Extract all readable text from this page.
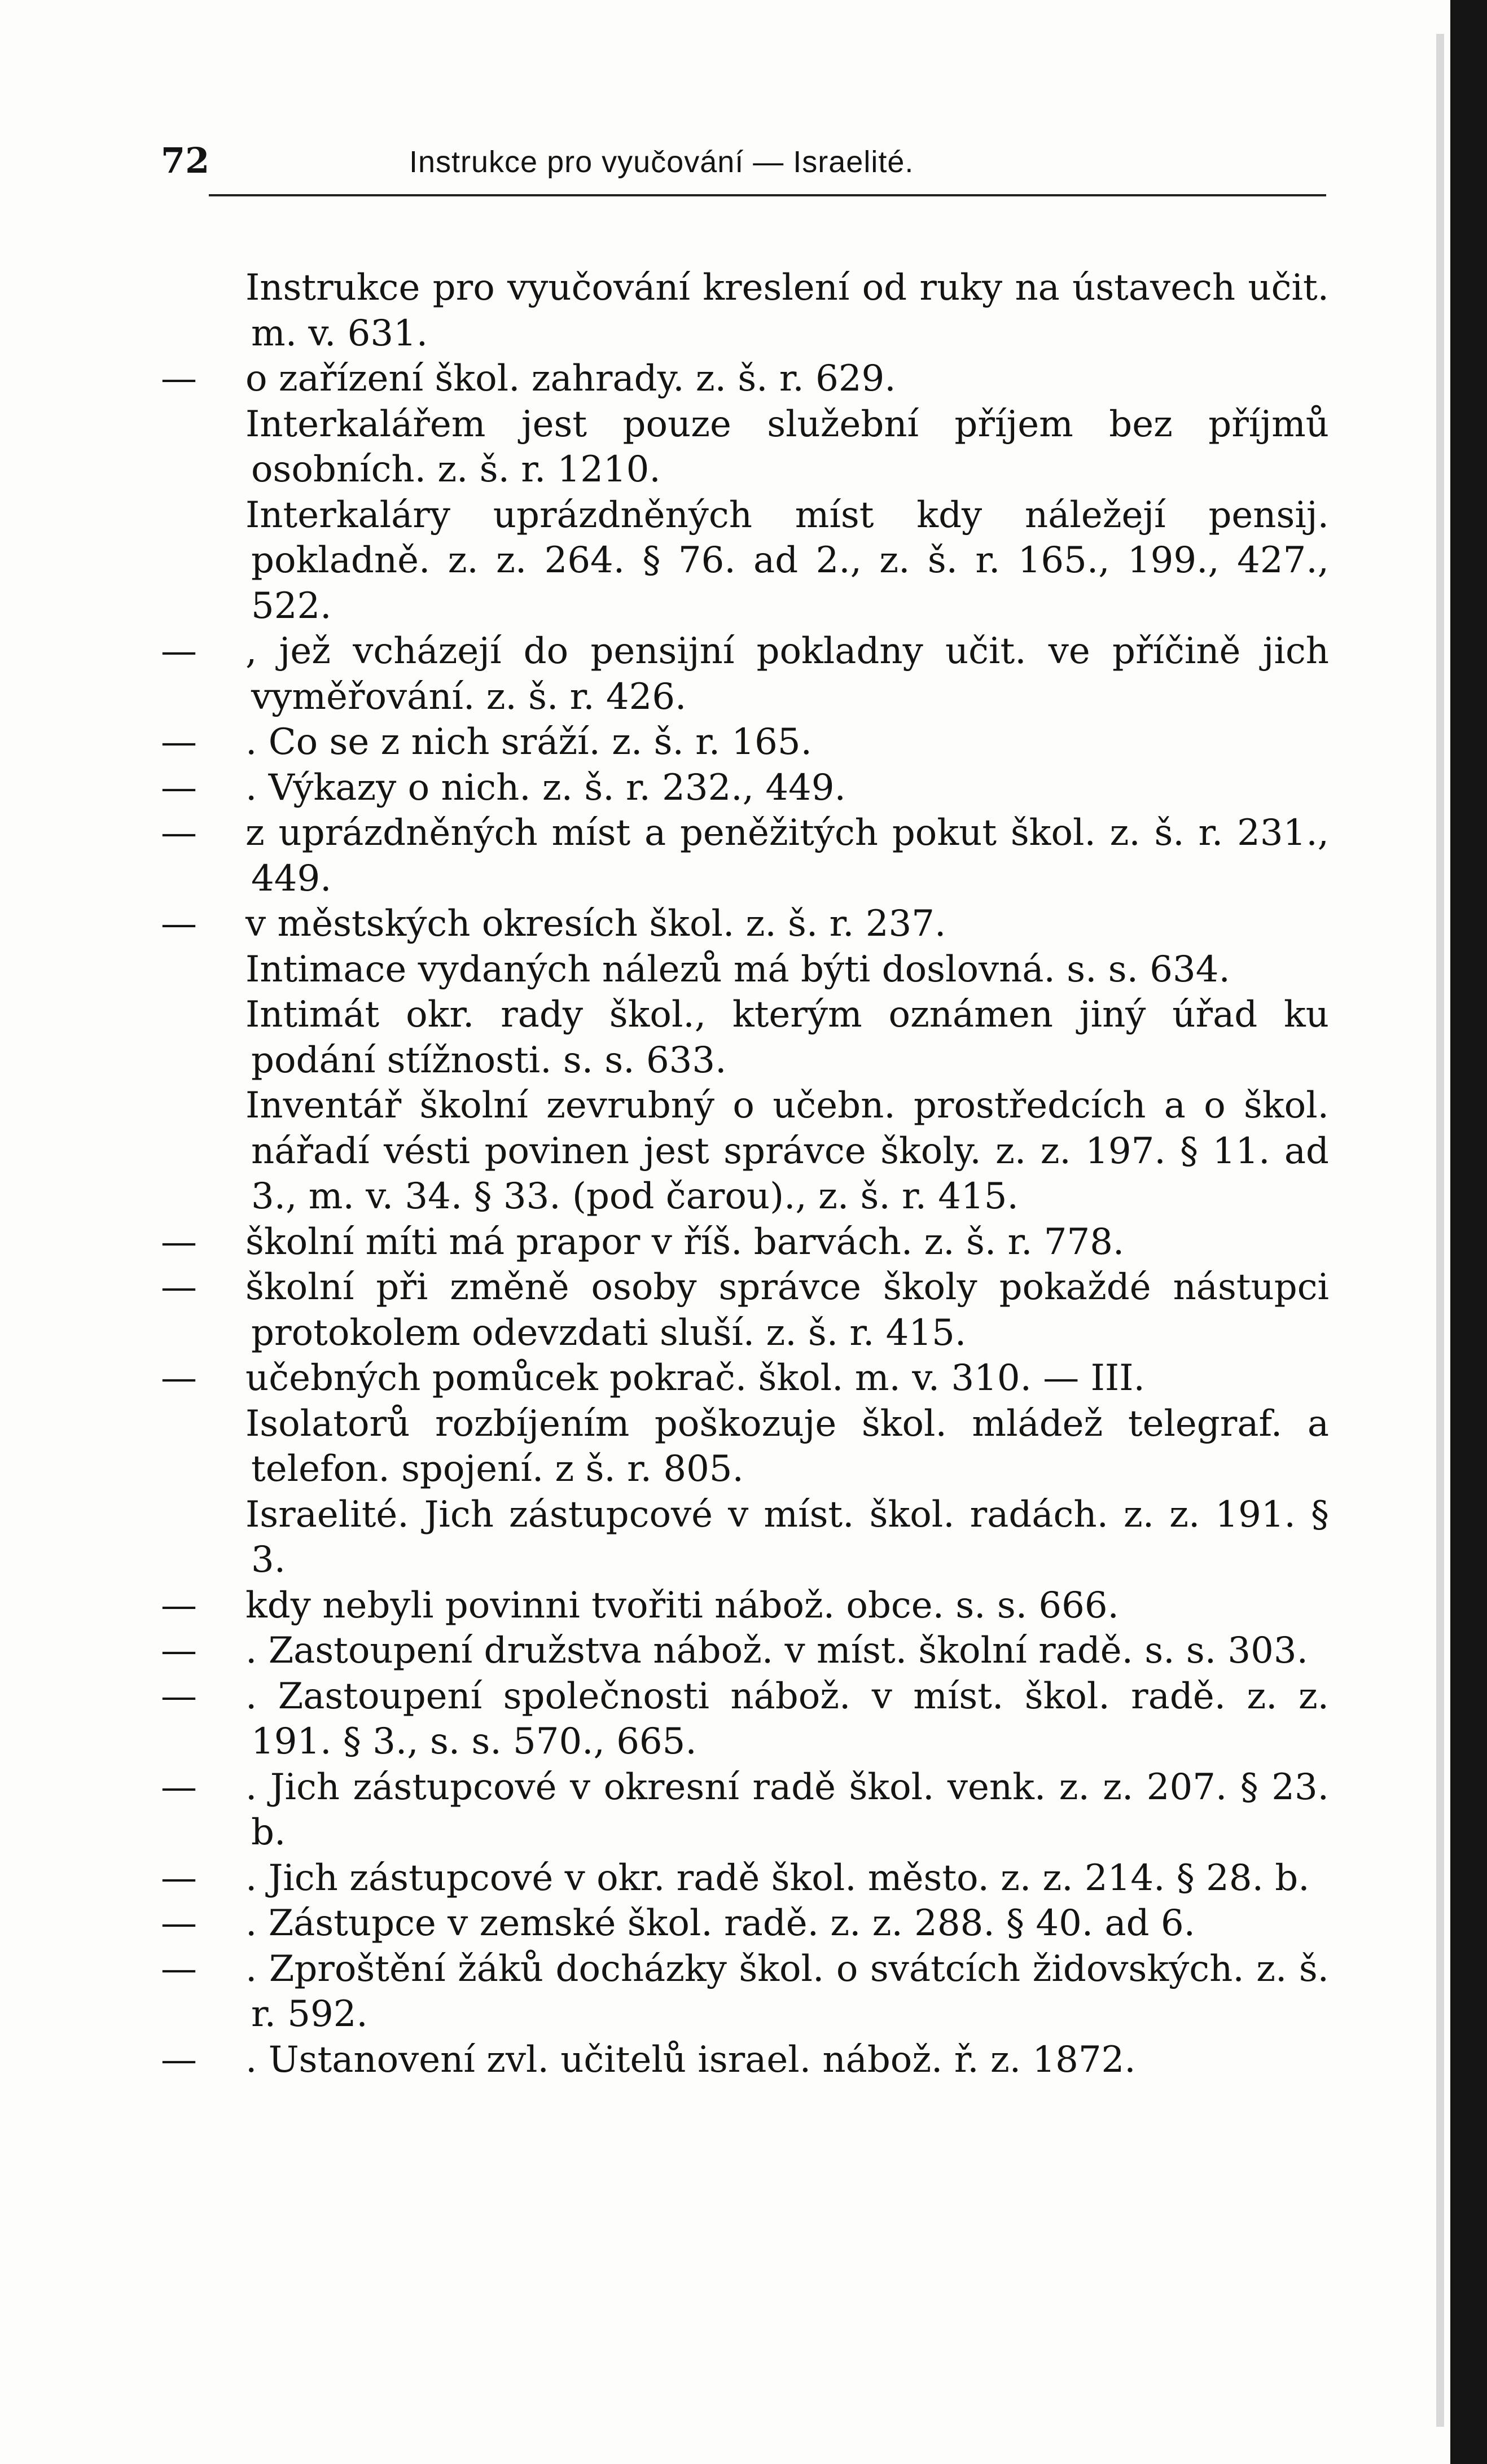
72	Instrukce pro vyučování — Israelité.

Instrukce pro vyučování kreslení od ruky na ústavech učit. m. v. 631.

— o zařízení škol. zahrady. z. š. r. 629.

Interkalářem jest pouze služební příjem bez příjmů osobních. z. š. r. 1210.

Interkaláry uprázdněných míst kdy náležejí pensij. pokladně. z. z. 264. § 76. ad 2., z. š. r. 165., 199., 427., 522.

— , jež vcházejí do pensijní pokladny učit. ve příčině jich vyměřování. z. š. r. 426.

— . Co se z nich sráží. z. š. r. 165.

— . Výkazy o nich. z. š. r. 232., 449.

— z uprázdněných míst a peněžitých pokut škol. z. š. r. 231., 449.

— v městských okresích škol. z. š. r. 237.

Intimace vydaných nálezů má býti doslovná. s. s. 634.

Intimát okr. rady škol., kterým oznámen jiný úřad ku podání stížnosti. s. s. 633.

Inventář školní zevrubný o učebn. prostředcích a o škol. nářadí vésti povinen jest správce školy. z. z. 197. § 11. ad 3., m. v. 34. § 33. (pod čarou)., z. š. r. 415.

— školní míti má prapor v říš. barvách. z. š. r. 778.

— školní při změně osoby správce školy pokaždé nástupci protokolem odevzdati sluší. z. š. r. 415.

— učebných pomůcek pokrač. škol. m. v. 310. — III.

Isolatorů rozbíjením poškozuje škol. mládež telegraf. a telefon. spojení. z š. r. 805.

Israelité. Jich zástupcové v míst. škol. radách. z. z. 191. § 3.

— kdy nebyli povinni tvořiti nábož. obce. s. s. 666.

— . Zastoupení družstva nábož. v míst. školní radě. s. s. 303.

— . Zastoupení společnosti nábož. v míst. škol. radě. z. z. 191. § 3., s. s. 570., 665.

— . Jich zástupcové v okresní radě škol. venk. z. z. 207. § 23. b.

— . Jich zástupcové v okr. radě škol. město. z. z. 214. § 28. b.

— . Zástupce v zemské škol. radě. z. z. 288. § 40. ad 6.

— . Zproštění žáků docházky škol. o svátcích židovských. z. š. r. 592.

— . Ustanovení zvl. učitelů israel. nábož. ř. z. 1872.
